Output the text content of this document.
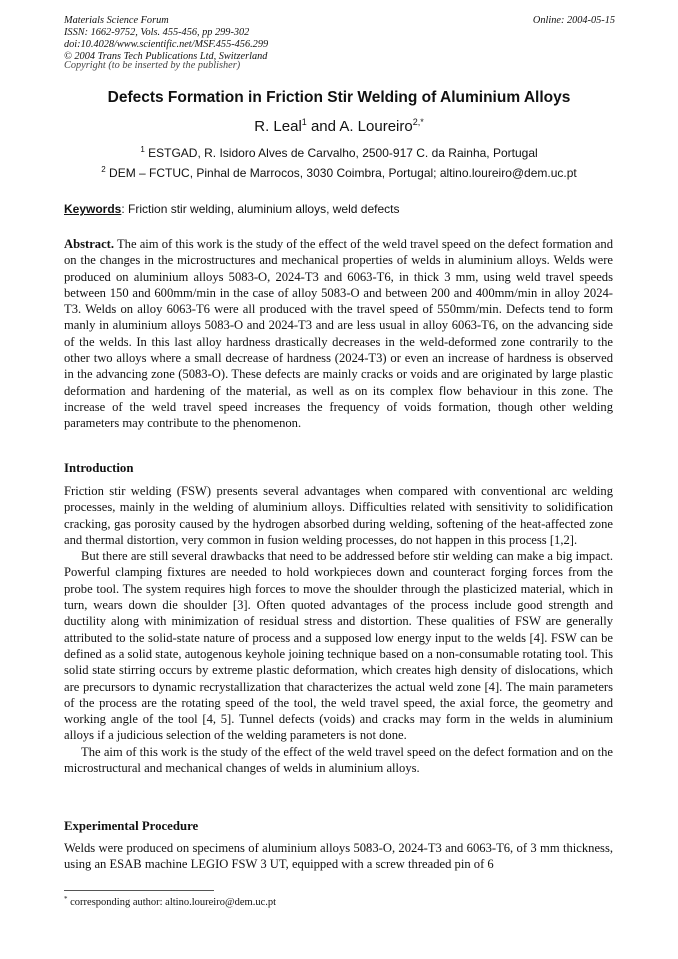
Materials Science Forum
ISSN: 1662-9752, Vols. 455-456, pp 299-302
doi:10.4028/www.scientific.net/MSF.455-456.299
© 2004 Trans Tech Publications Ltd, Switzerland
Copyright (to be inserted by the publisher)
Online: 2004-05-15
Defects Formation in Friction Stir Welding of Aluminium Alloys
R. Leal$^1$ and A. Loureiro$^{2,*}$
$^1$ ESTGAD, R. Isidoro Alves de Carvalho, 2500-917 C. da Rainha, Portugal
$^2$ DEM – FCTUC, Pinhal de Marrocos, 3030 Coimbra, Portugal; altino.loureiro@dem.uc.pt
Keywords: Friction stir welding, aluminium alloys, weld defects

Abstract. The aim of this work is the study of the effect of the weld travel speed on the defect formation and on the changes in the microstructures and mechanical properties of welds in aluminium alloys. Welds were produced on aluminium alloys 5083-O, 2024-T3 and 6063-T6, in thick 3 mm, using weld travel speeds between 150 and 600mm/min in the case of alloy 5083-O and between 200 and 400mm/min in alloy 2024-T3. Welds on alloy 6063-T6 were all produced with the travel speed of 550mm/min. Defects tend to form manly in aluminium alloys 5083-O and 2024-T3 and are less usual in alloy 6063-T6, on the advancing side of the welds. In this last alloy hardness drastically decreases in the weld-deformed zone contrarily to the other two alloys where a small decrease of hardness (2024-T3) or even an increase of hardness is observed in the advancing zone (5083-O). These defects are mainly cracks or voids and are originated by large plastic deformation and hardening of the material, as well as on its complex flow behaviour in this zone. The increase of the weld travel speed increases the frequency of voids formation, though other welding parameters may contribute to the phenomenon.

Introduction

Friction stir welding (FSW) presents several advantages when compared with conventional arc welding processes, mainly in the welding of aluminium alloys. Difficulties related with sensitivity to solidification cracking, gas porosity caused by the hydrogen absorbed during welding, softening of the heat-affected zone and thermal distortion, very common in fusion welding processes, do not happen in this process [1,2].

But there are still several drawbacks that need to be addressed before stir welding can make a big impact. Powerful clamping fixtures are needed to hold workpieces down and counteract forging forces from the probe tool. The system requires high forces to move the shoulder through the plasticized material, which in turn, wears down die shoulder [3]. Often quoted advantages of the process include good strength and ductility along with minimization of residual stress and distortion. These qualities of FSW are generally attributed to the solid-state nature of process and a supposed low energy input to the welds [4]. FSW can be defined as a solid state, autogenous keyhole joining technique based on a non-consumable rotating tool. This solid state stirring occurs by extreme plastic deformation, which creates high density of dislocations, which are precursors to dynamic recrystallization that characterizes the actual weld zone [4]. The main parameters of the process are the rotating speed of the tool, the weld travel speed, the axial force, the geometry and working angle of the tool [4, 5]. Tunnel defects (voids) and cracks may form in the welds in aluminium alloys if a judicious selection of the welding parameters is not done.

The aim of this work is the study of the effect of the weld travel speed on the defect formation and on the microstructural and mechanical changes of welds in aluminium alloys.

Experimental Procedure

Welds were produced on specimens of aluminium alloys 5083-O, 2024-T3 and 6063-T6, of 3 mm thickness, using an ESAB machine LEGIO FSW 3 UT, equipped with a screw threaded pin of 6

* corresponding author: altino.loureiro@dem.uc.pt
